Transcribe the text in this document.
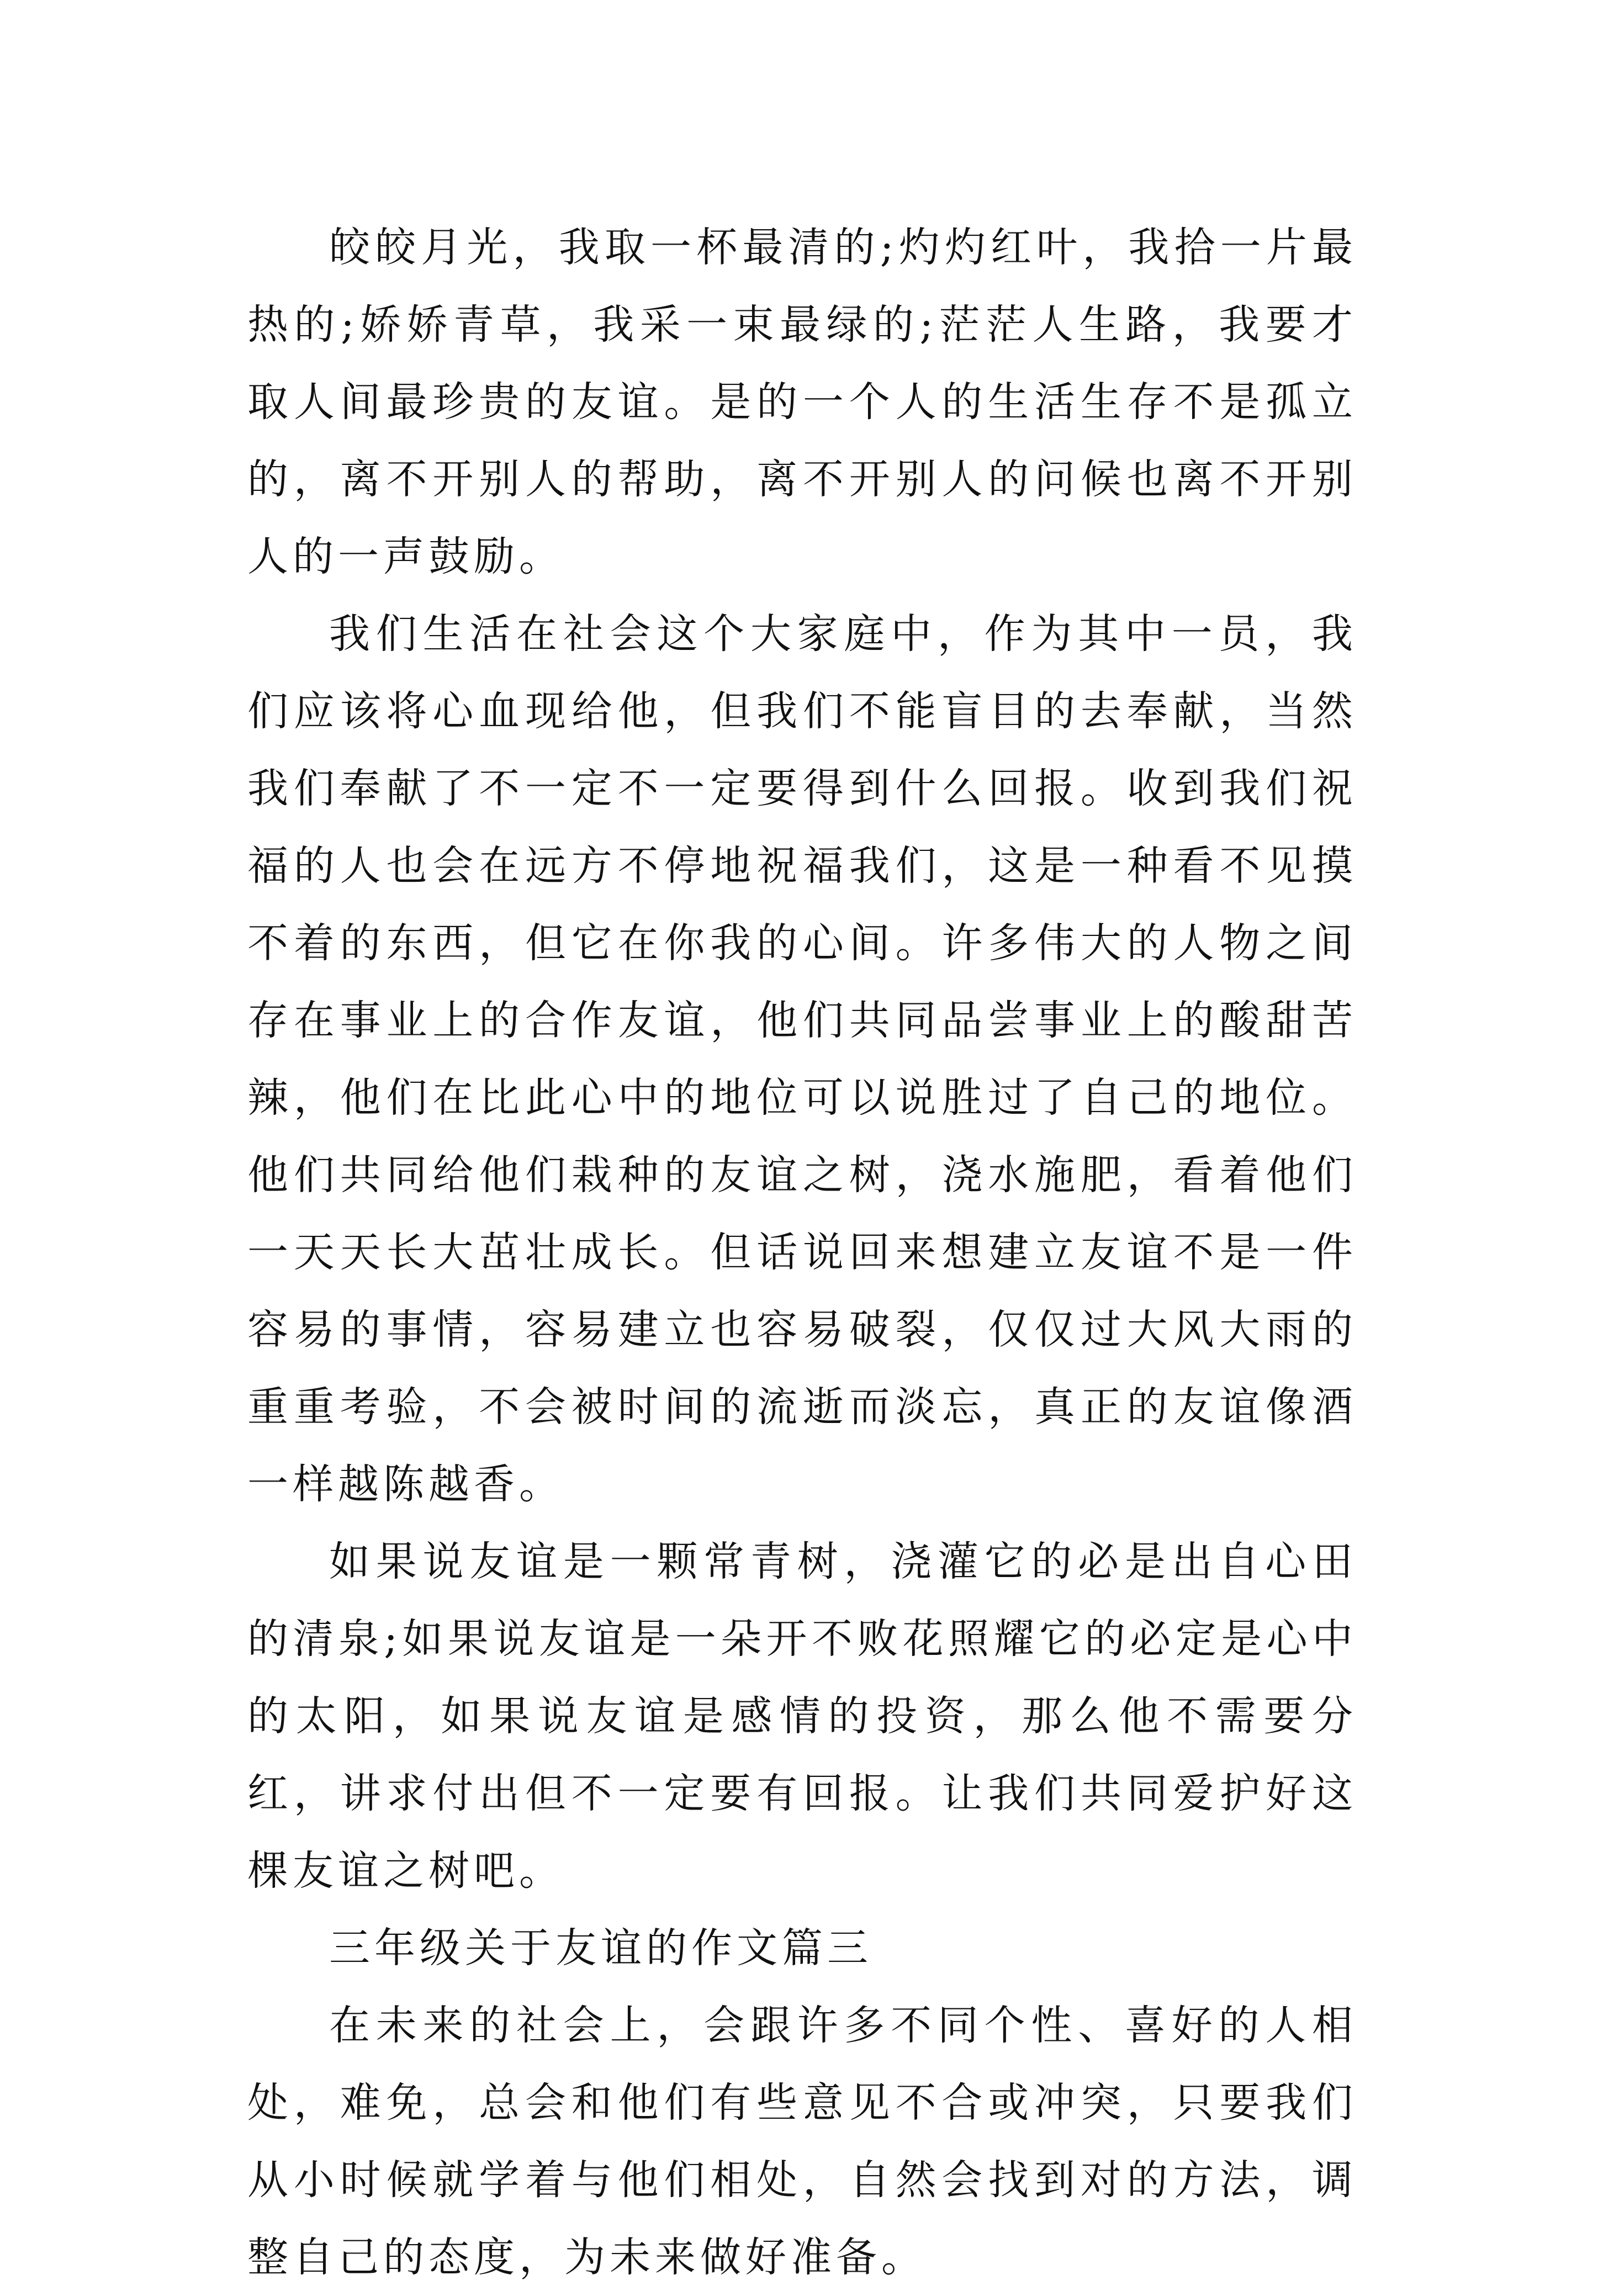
皎皎月光，我取一杯最清的;灼灼红叶，我拾一片最热的;娇娇青草，我采一束最绿的;茫茫人生路，我要才取人间最珍贵的友谊。是的一个人的生活生存不是孤立的，离不开别人的帮助，离不开别人的问候也离不开别人的一声鼓励。

我们生活在社会这个大家庭中，作为其中一员，我们应该将心血现给他，但我们不能盲目的去奉献，当然我们奉献了不一定不一定要得到什么回报。收到我们祝福的人也会在远方不停地祝福我们，这是一种看不见摸不着的东西，但它在你我的心间。许多伟大的人物之间存在事业上的合作友谊，他们共同品尝事业上的酸甜苦辣，他们在比此心中的地位可以说胜过了自己的地位。他们共同给他们栽种的友谊之树，浇水施肥，看着他们一天天长大茁壮成长。但话说回来想建立友谊不是一件容易的事情，容易建立也容易破裂，仅仅过大风大雨的重重考验，不会被时间的流逝而淡忘，真正的友谊像酒一样越陈越香。

如果说友谊是一颗常青树，浇灌它的必是出自心田的清泉;如果说友谊是一朵开不败花照耀它的必定是心中的太阳，如果说友谊是感情的投资，那么他不需要分红，讲求付出但不一定要有回报。让我们共同爱护好这棵友谊之树吧。

三年级关于友谊的作文篇三

在未来的社会上，会跟许多不同个性、喜好的人相处，难免，总会和他们有些意见不合或冲突，只要我们从小时候就学着与他们相处，自然会找到对的方法，调整自己的态度，为未来做好准备。
